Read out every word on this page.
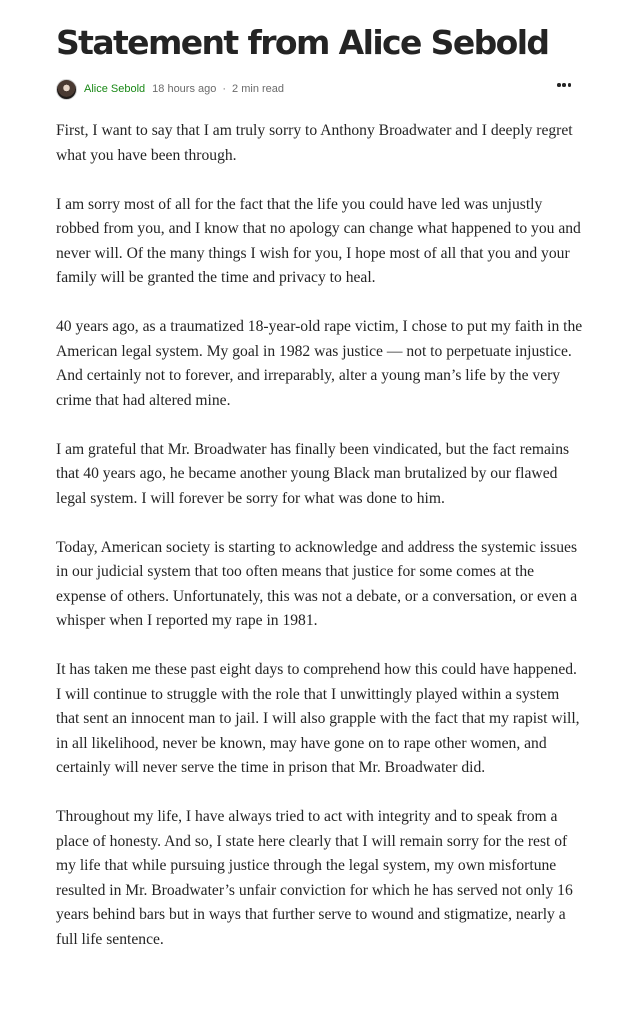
Statement from Alice Sebold
Alice Sebold 18 hours ago · 2 min read

First, I want to say that I am truly sorry to Anthony Broadwater and I deeply regret what you have been through.

I am sorry most of all for the fact that the life you could have led was unjustly robbed from you, and I know that no apology can change what happened to you and never will. Of the many things I wish for you, I hope most of all that you and your family will be granted the time and privacy to heal.

40 years ago, as a traumatized 18-year-old rape victim, I chose to put my faith in the American legal system. My goal in 1982 was justice — not to perpetuate injustice. And certainly not to forever, and irreparably, alter a young man’s life by the very crime that had altered mine.

I am grateful that Mr. Broadwater has finally been vindicated, but the fact remains that 40 years ago, he became another young Black man brutalized by our flawed legal system. I will forever be sorry for what was done to him.

Today, American society is starting to acknowledge and address the systemic issues in our judicial system that too often means that justice for some comes at the expense of others. Unfortunately, this was not a debate, or a conversation, or even a whisper when I reported my rape in 1981.

It has taken me these past eight days to comprehend how this could have happened. I will continue to struggle with the role that I unwittingly played within a system that sent an innocent man to jail. I will also grapple with the fact that my rapist will, in all likelihood, never be known, may have gone on to rape other women, and certainly will never serve the time in prison that Mr. Broadwater did.

Throughout my life, I have always tried to act with integrity and to speak from a place of honesty. And so, I state here clearly that I will remain sorry for the rest of my life that while pursuing justice through the legal system, my own misfortune resulted in Mr. Broadwater’s unfair conviction for which he has served not only 16 years behind bars but in ways that further serve to wound and stigmatize, nearly a full life sentence.
